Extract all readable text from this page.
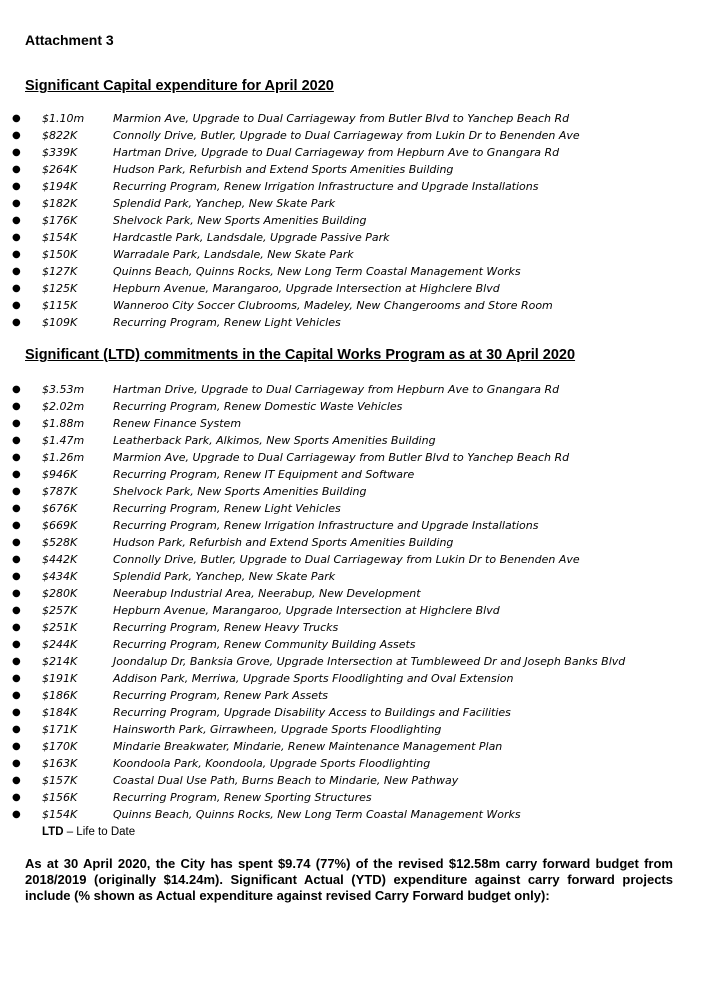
Attachment 3
Significant Capital expenditure for April 2020
● $1.10m	Marmion Ave, Upgrade to Dual Carriageway from Butler Blvd to Yanchep Beach Rd
● $822K	Connolly Drive, Butler, Upgrade to Dual Carriageway from Lukin Dr to Benenden Ave
● $339K	Hartman Drive, Upgrade to Dual Carriageway from Hepburn Ave to Gnangara Rd
● $264K	Hudson Park, Refurbish and Extend Sports Amenities Building
● $194K	Recurring Program, Renew Irrigation Infrastructure and Upgrade Installations
● $182K	Splendid Park, Yanchep, New Skate Park
● $176K	Shelvock Park, New Sports Amenities Building
● $154K	Hardcastle Park, Landsdale, Upgrade Passive Park
● $150K	Warradale Park, Landsdale, New Skate Park
● $127K	Quinns Beach, Quinns Rocks, New Long Term Coastal Management Works
● $125K	Hepburn Avenue, Marangaroo, Upgrade Intersection at Highclere Blvd
● $115K	Wanneroo City Soccer Clubrooms, Madeley, New Changerooms and Store Room
● $109K	Recurring Program, Renew Light Vehicles
Significant (LTD) commitments in the Capital Works Program as at 30 April 2020
● $3.53m	Hartman Drive, Upgrade to Dual Carriageway from Hepburn Ave to Gnangara Rd
● $2.02m	Recurring Program, Renew Domestic Waste Vehicles
● $1.88m	Renew Finance System
● $1.47m	Leatherback Park, Alkimos, New Sports Amenities Building
● $1.26m	Marmion Ave, Upgrade to Dual Carriageway from Butler Blvd to Yanchep Beach Rd
● $946K	Recurring Program, Renew IT Equipment and Software
● $787K	Shelvock Park, New Sports Amenities Building
● $676K	Recurring Program, Renew Light Vehicles
● $669K	Recurring Program, Renew Irrigation Infrastructure and Upgrade Installations
● $528K	Hudson Park, Refurbish and Extend Sports Amenities Building
● $442K	Connolly Drive, Butler, Upgrade to Dual Carriageway from Lukin Dr to Benenden Ave
● $434K	Splendid Park, Yanchep, New Skate Park
● $280K	Neerabup Industrial Area, Neerabup, New Development
● $257K	Hepburn Avenue, Marangaroo, Upgrade Intersection at Highclere Blvd
● $251K	Recurring Program, Renew Heavy Trucks
● $244K	Recurring Program, Renew Community Building Assets
● $214K	Joondalup Dr, Banksia Grove, Upgrade Intersection at Tumbleweed Dr and Joseph Banks Blvd
● $191K	Addison Park, Merriwa, Upgrade Sports Floodlighting and Oval Extension
● $186K	Recurring Program, Renew Park Assets
● $184K	Recurring Program, Upgrade Disability Access to Buildings and Facilities
● $171K	Hainsworth Park, Girrawheen, Upgrade Sports Floodlighting
● $170K	Mindarie Breakwater, Mindarie, Renew Maintenance Management Plan
● $163K	Koondoola Park, Koondoola, Upgrade Sports Floodlighting
● $157K	Coastal Dual Use Path, Burns Beach to Mindarie, New Pathway
● $156K	Recurring Program, Renew Sporting Structures
● $154K	Quinns Beach, Quinns Rocks, New Long Term Coastal Management Works
LTD – Life to Date
As at 30 April 2020, the City has spent $9.74 (77%) of the revised $12.58m carry forward budget from 2018/2019 (originally $14.24m). Significant Actual (YTD) expenditure against carry forward projects include (% shown as Actual expenditure against revised Carry Forward budget only):
